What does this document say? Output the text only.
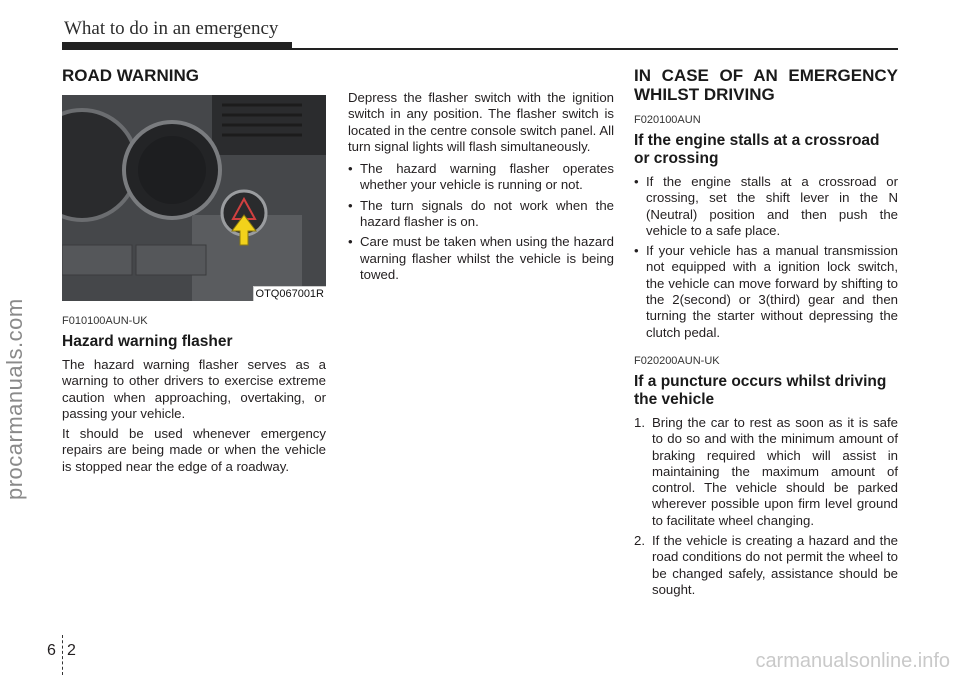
What to do in an emergency
procarmanuals.com
ROAD WARNING
OTQ067001R
F010100AUN-UK
Hazard warning flasher

The hazard warning flasher serves as a warning to other drivers to exercise extreme caution when approaching, overtaking, or passing your vehicle.

It should be used whenever emergency repairs are being made or when the vehicle is stopped near the edge of a roadway.

Depress the flasher switch with the ignition switch in any position. The flasher switch is located in the centre console switch panel. All turn signal lights will flash simultaneously.

• The hazard warning flasher operates whether your vehicle is running or not.
• The turn signals do not work when the hazard flasher is on.
• Care must be taken when using the hazard warning flasher whilst the vehicle is being towed.
IN CASE OF AN EMERGENCY WHILST DRIVING
F020100AUN
If the engine stalls at a crossroad or crossing
• If the engine stalls at a crossroad or crossing, set the shift lever in the N (Neutral) position and then push the vehicle to a safe place.
• If your vehicle has a manual transmission not equipped with a ignition lock switch, the vehicle can move forward by shifting to the 2(second) or 3(third) gear and then turning the starter without depressing the clutch pedal.
F020200AUN-UK
If a puncture occurs whilst driving the vehicle
1. Bring the car to rest as soon as it is safe to do so and with the minimum amount of braking required which will assist in maintaining the maximum amount of control. The vehicle should be parked wherever possible upon firm level ground to facilitate wheel changing.
2. If the vehicle is creating a hazard and the road conditions do not permit the wheel to be changed safely, assistance should be sought.
6 2	carmanualsonline.info
